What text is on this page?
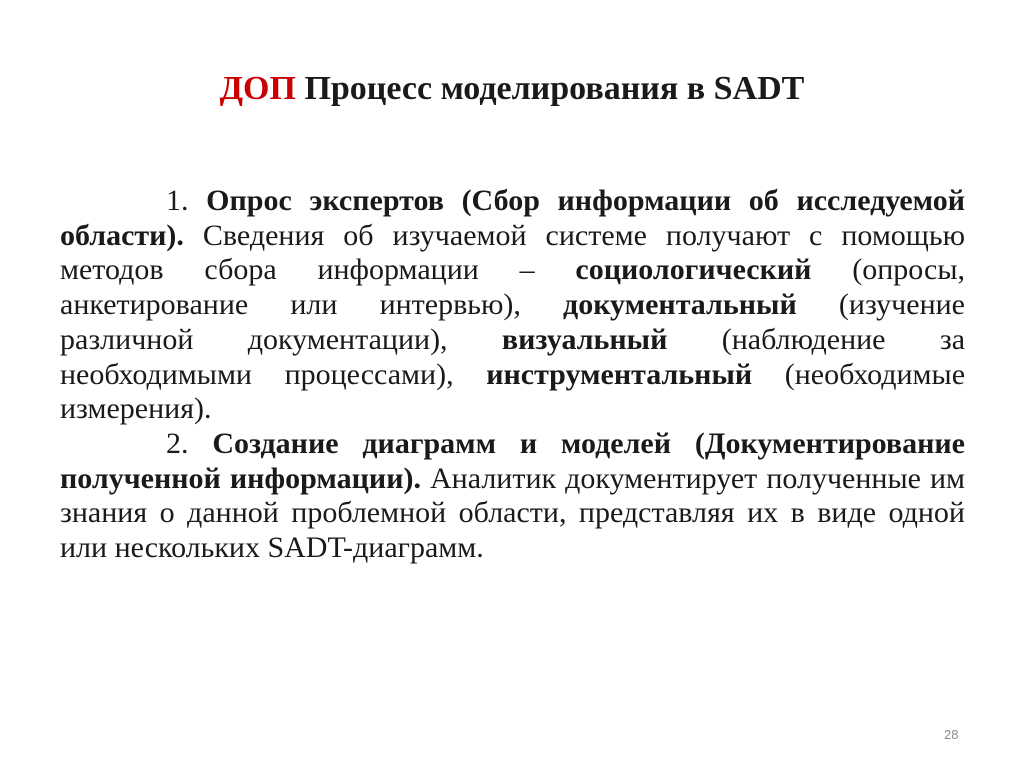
ДОП Процесс моделирования в SADT

1. Опрос экспертов (Сбор информации об исследуемой области). Сведения об изучаемой системе получают с помощью методов сбора информации – социологический (опросы, анкетирование или интервью), документальный (изучение различной документации), визуальный (наблюдение за необходимыми процессами), инструментальный (необходимые измерения).

2. Создание диаграмм и моделей (Документирование полученной информации). Аналитик документирует полученные им знания о данной проблемной области, представляя их в виде одной или нескольких SADT-диаграмм.

28
